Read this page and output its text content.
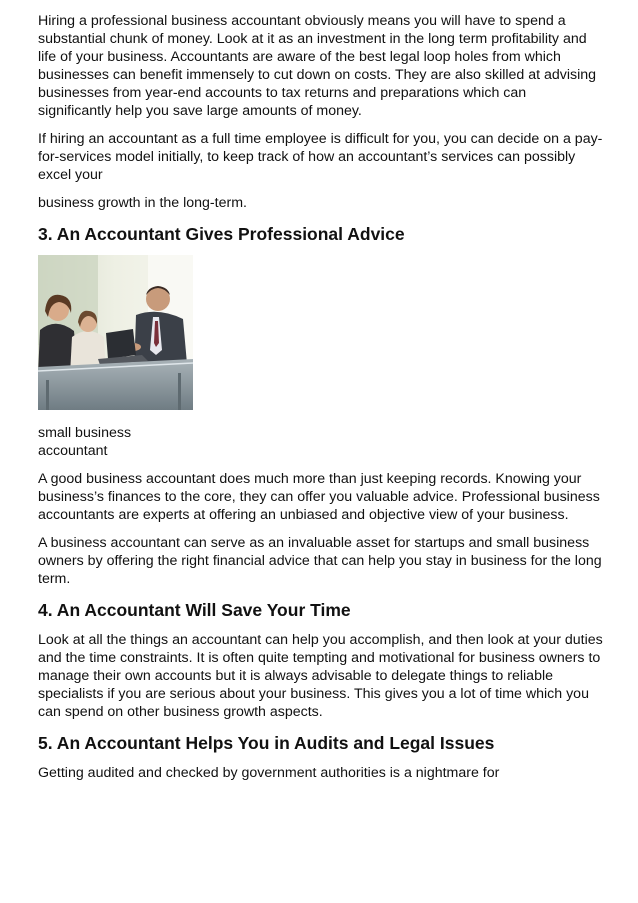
Hiring a professional business accountant obviously means you will have to spend a substantial chunk of money. Look at it as an investment in the long term profitability and life of your business. Accountants are aware of the best legal loop holes from which businesses can benefit immensely to cut down on costs. They are also skilled at advising businesses from year-end accounts to tax returns and preparations which can significantly help you save large amounts of money.

If hiring an accountant as a full time employee is difficult for you, you can decide on a pay-for-services model initially, to keep track of how an accountant’s services can possibly excel your

business growth in the long-term.

3. An Accountant Gives Professional Advice

small business

accountant

A good business accountant does much more than just keeping records. Knowing your business’s finances to the core, they can offer you valuable advice. Professional business accountants are experts at offering an unbiased and objective view of your business.

A business accountant can serve as an invaluable asset for startups and small business owners by offering the right financial advice that can help you stay in business for the long term.

4. An Accountant Will Save Your Time

Look at all the things an accountant can help you accomplish, and then look at your duties and the time constraints. It is often quite tempting and motivational for business owners to manage their own accounts but it is always advisable to delegate things to reliable specialists if you are serious about your business. This gives you a lot of time which you can spend on other business growth aspects.

5. An Accountant Helps You in Audits and Legal Issues

Getting audited and checked by government authorities is a nightmare for
